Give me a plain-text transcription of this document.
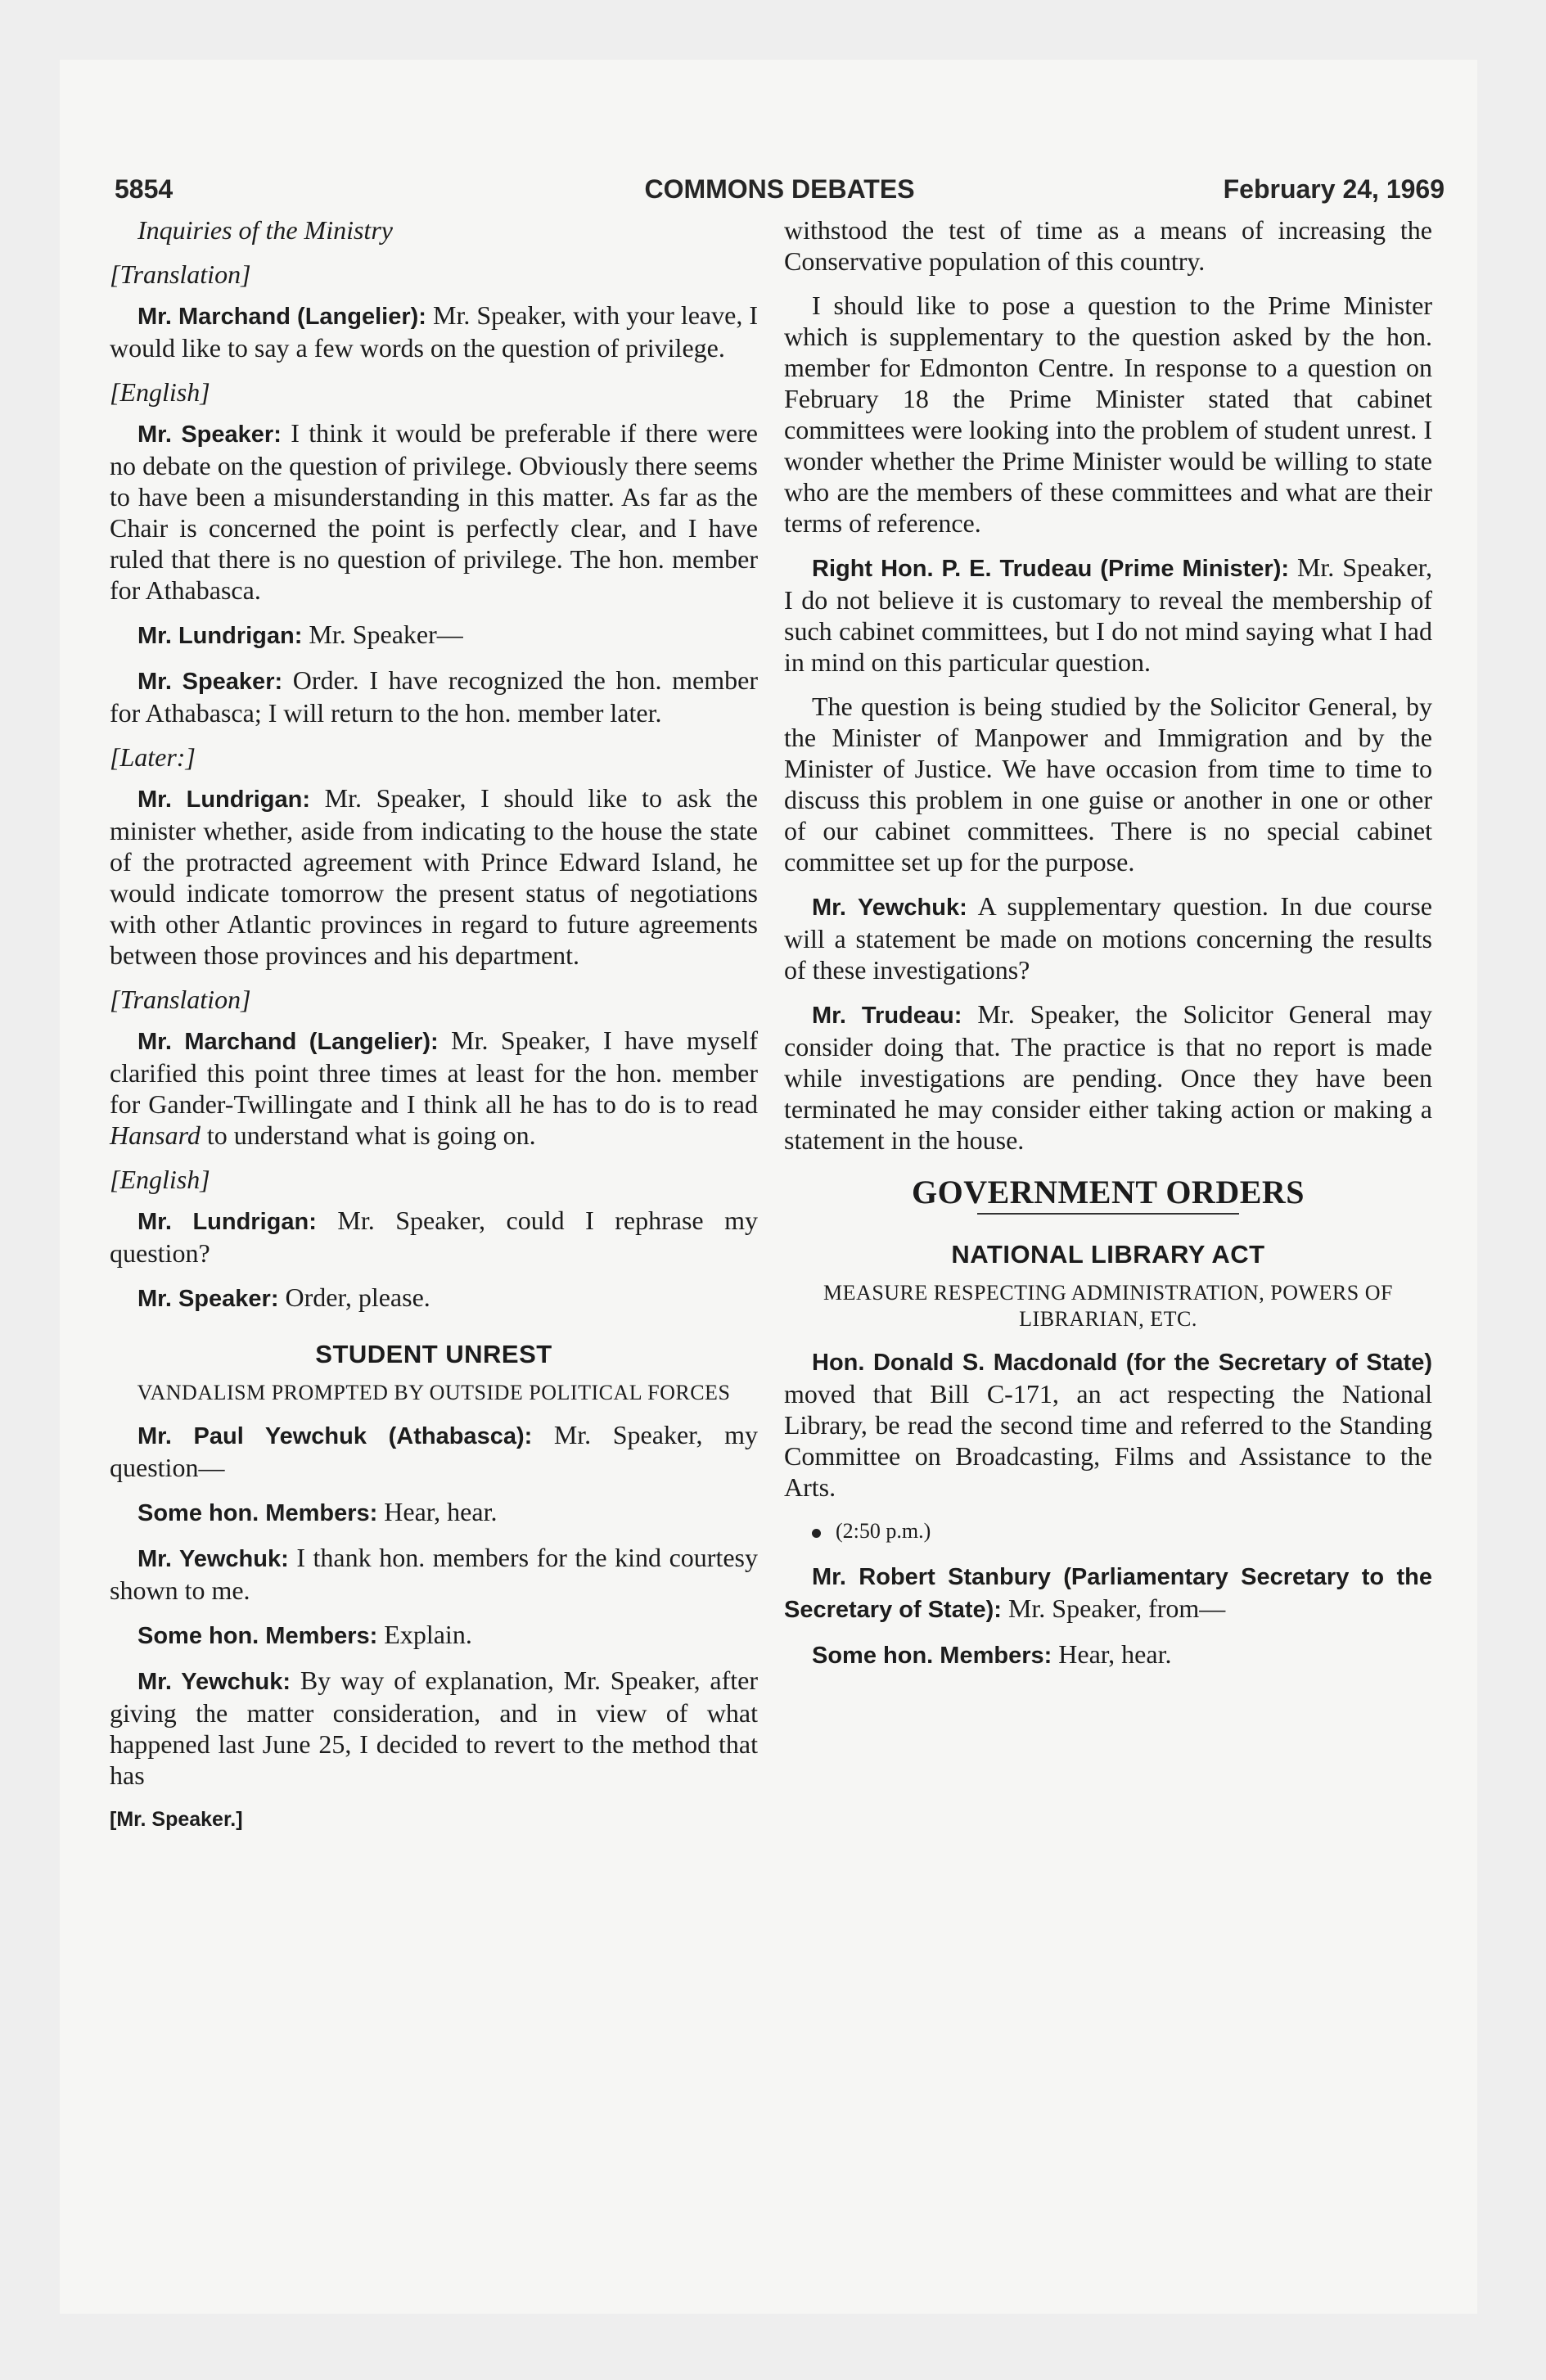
5854	COMMONS DEBATES	February 24, 1969

Inquiries of the Ministry

[Translation]

Mr. Marchand (Langelier): Mr. Speaker, with your leave, I would like to say a few words on the question of privilege.

[English]

Mr. Speaker: I think it would be preferable if there were no debate on the question of privilege. Obviously there seems to have been a misunderstanding in this matter. As far as the Chair is concerned the point is perfectly clear, and I have ruled that there is no question of privilege. The hon. member for Athabasca.

Mr. Lundrigan: Mr. Speaker—

Mr. Speaker: Order. I have recognized the hon. member for Athabasca; I will return to the hon. member later.

[Later:]

Mr. Lundrigan: Mr. Speaker, I should like to ask the minister whether, aside from indicating to the house the state of the protracted agreement with Prince Edward Island, he would indicate tomorrow the present status of negotiations with other Atlantic provinces in regard to future agreements between those provinces and his department.

[Translation]

Mr. Marchand (Langelier): Mr. Speaker, I have myself clarified this point three times at least for the hon. member for Gander-Twillingate and I think all he has to do is to read Hansard to understand what is going on.

[English]

Mr. Lundrigan: Mr. Speaker, could I rephrase my question?

Mr. Speaker: Order, please.

STUDENT UNREST
VANDALISM PROMPTED BY OUTSIDE POLITICAL FORCES

Mr. Paul Yewchuk (Athabasca): Mr. Speaker, my question—

Some hon. Members: Hear, hear.

Mr. Yewchuk: I thank hon. members for the kind courtesy shown to me.

Some hon. Members: Explain.

Mr. Yewchuk: By way of explanation, Mr. Speaker, after giving the matter consideration, and in view of what happened last June 25, I decided to revert to the method that has

[Mr. Speaker.]

withstood the test of time as a means of increasing the Conservative population of this country.

I should like to pose a question to the Prime Minister which is supplementary to the question asked by the hon. member for Edmonton Centre. In response to a question on February 18 the Prime Minister stated that cabinet committees were looking into the problem of student unrest. I wonder whether the Prime Minister would be willing to state who are the members of these committees and what are their terms of reference.

Right Hon. P. E. Trudeau (Prime Minister): Mr. Speaker, I do not believe it is customary to reveal the membership of such cabinet committees, but I do not mind saying what I had in mind on this particular question.

The question is being studied by the Solicitor General, by the Minister of Manpower and Immigration and by the Minister of Justice. We have occasion from time to time to discuss this problem in one guise or another in one or other of our cabinet committees. There is no special cabinet committee set up for the purpose.

Mr. Yewchuk: A supplementary question. In due course will a statement be made on motions concerning the results of these investigations?

Mr. Trudeau: Mr. Speaker, the Solicitor General may consider doing that. The practice is that no report is made while investigations are pending. Once they have been terminated he may consider either taking action or making a statement in the house.

GOVERNMENT ORDERS
NATIONAL LIBRARY ACT
MEASURE RESPECTING ADMINISTRATION, POWERS OF LIBRARIAN, ETC.

Hon. Donald S. Macdonald (for the Secretary of State) moved that Bill C-171, an act respecting the National Library, be read the second time and referred to the Standing Committee on Broadcasting, Films and Assistance to the Arts.

(2:50 p.m.)

Mr. Robert Stanbury (Parliamentary Secretary to the Secretary of State): Mr. Speaker, from—

Some hon. Members: Hear, hear.
